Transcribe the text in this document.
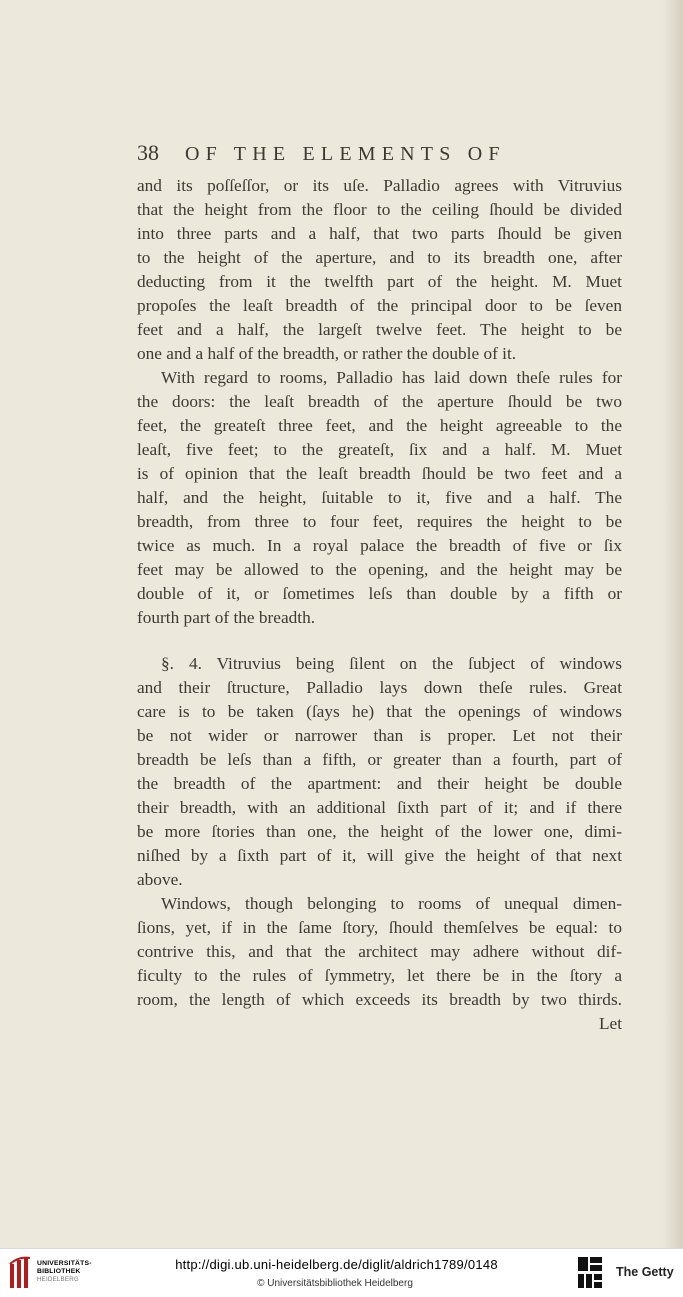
38 OF THE ELEMENTS OF
and its poſſeſſor, or its uſe. Palladio agrees with Vitruvius
that the height from the floor to the ceiling ſhould be divided
into three parts and a half, that two parts ſhould be given
to the height of the aperture, and to its breadth one, after
deducting from it the twelfth part of the height. M. Muet
propoſes the leaſt breadth of the principal door to be ſeven
feet and a half, the largeſt twelve feet. The height to be
one and a half of the breadth, or rather the double of it.
With regard to rooms, Palladio has laid down theſe rules for
the doors: the leaſt breadth of the aperture ſhould be two
feet, the greateſt three feet, and the height agreeable to the
leaſt, five feet; to the greateſt, ſix and a half. M. Muet
is of opinion that the leaſt breadth ſhould be two feet and a
half, and the height, ſuitable to it, five and a half. The
breadth, from three to four feet, requires the height to be
twice as much. In a royal palace the breadth of five or ſix
feet may be allowed to the opening, and the height may be
double of it, or ſometimes leſs than double by a fifth or
fourth part of the breadth.
§. 4. Vitruvius being ſilent on the ſubject of windows
and their ſtructure, Palladio lays down theſe rules. Great
care is to be taken (ſays he) that the openings of windows
be not wider or narrower than is proper. Let not their
breadth be leſs than a fifth, or greater than a fourth, part of
the breadth of the apartment: and their height be double
their breadth, with an additional ſixth part of it; and if there
be more ſtories than one, the height of the lower one, dimi-
niſhed by a ſixth part of it, will give the height of that next
above.
Windows, though belonging to rooms of unequal dimen-
ſions, yet, if in the ſame ſtory, ſhould themſelves be equal: to
contrive this, and that the architect may adhere without dif-
ficulty to the rules of ſymmetry, let there be in the ſtory a
room, the length of which exceeds its breadth by two thirds.
Let
UNIVERSITÄTS-
BIBLIOTHEK
HEIDELBERG
http://digi.ub.uni-heidelberg.de/diglit/aldrich1789/0148
© Universitätsbibliothek Heidelberg
The Getty
